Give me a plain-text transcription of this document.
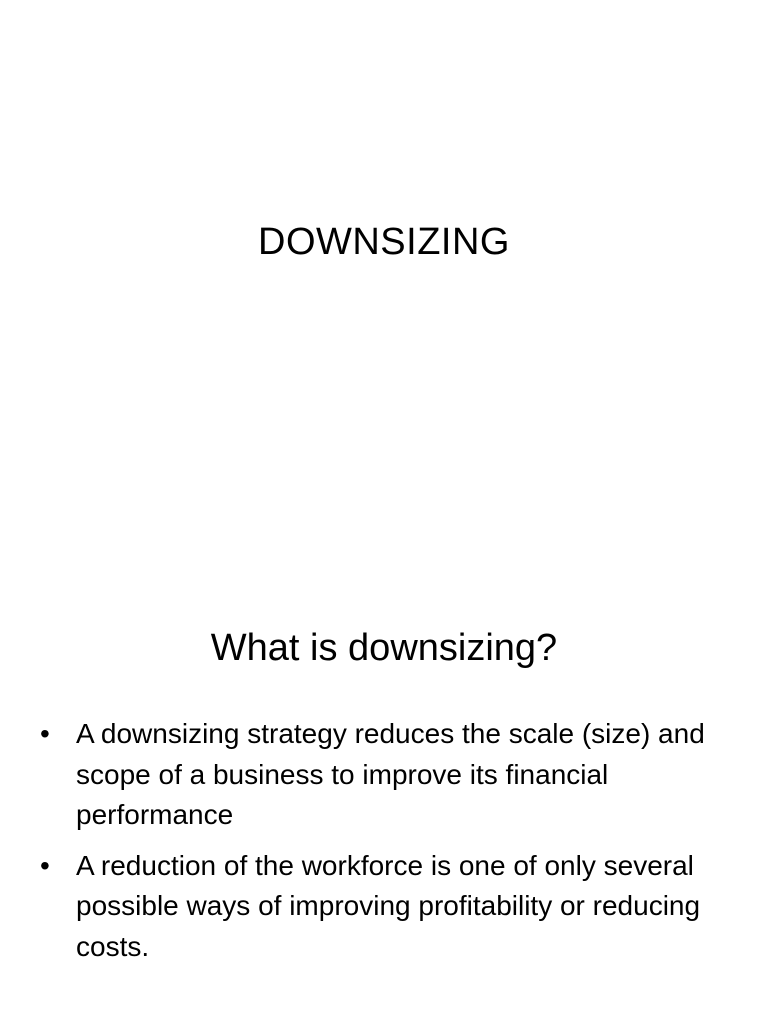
DOWNSIZING
What is downsizing?
• A downsizing strategy reduces the scale (size) and scope of a business to improve its financial performance
• A reduction of the workforce is one of only several possible ways of improving profitability or reducing costs.
